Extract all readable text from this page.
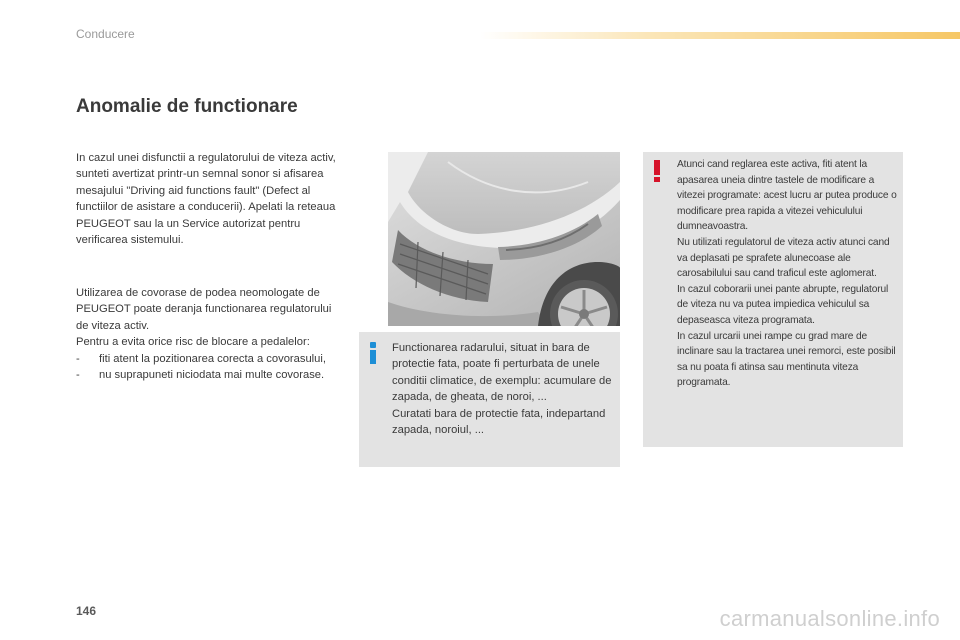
Conducere
Anomalie de functionare

In cazul unei disfunctii a regulatorului de viteza activ, sunteti avertizat printr-un semnal sonor si afisarea mesajului "Driving aid functions fault" (Defect al functiilor de asistare a conducerii). Apelati la reteaua PEUGEOT sau la un Service autorizat pentru verificarea sistemului.

Utilizarea de covorase de podea neomologate de PEUGEOT poate deranja functionarea regulatorului de viteza activ.
Pentru a evita orice risc de blocare a pedalelor:
- fiti atent la pozitionarea corecta a covorasului,
- nu suprapuneti niciodata mai multe covorase.
Functionarea radarului, situat in bara de protectie fata, poate fi perturbata de unele conditii climatice, de exemplu: acumulare de zapada, de gheata, de noroi, ...
Curatati bara de protectie fata, indepartand zapada, noroiul, ...
Atunci cand reglarea este activa, fiti atent la apasarea uneia dintre tastele de modificare a vitezei programate: acest lucru ar putea produce o modificare prea rapida a vitezei vehiculului dumneavoastra.
Nu utilizati regulatorul de viteza activ atunci cand va deplasati pe sprafete alunecoase ale carosabilului sau cand traficul este aglomerat.
In cazul coborarii unei pante abrupte, regulatorul de viteza nu va putea impiedica vehiculul sa depaseasca viteza programata.
In cazul urcarii unei rampe cu grad mare de inclinare sau la tractarea unei remorci, este posibil sa nu poata fi atinsa sau mentinuta viteza programata.
146	carmanualsonline.info
